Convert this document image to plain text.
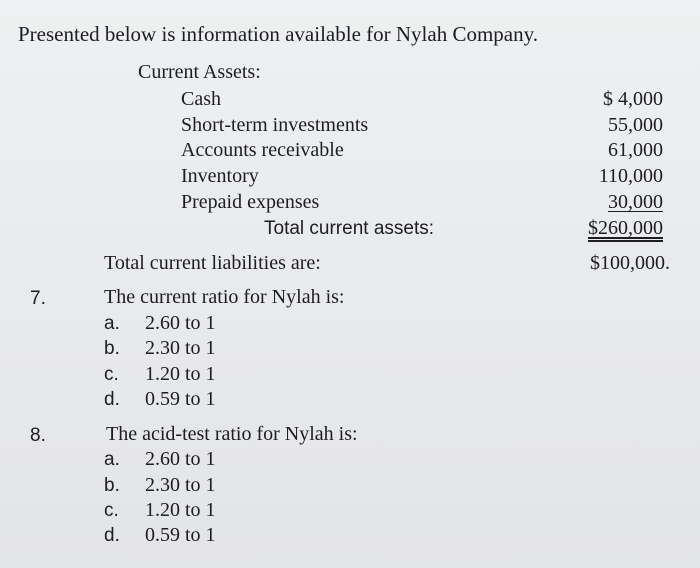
Presented below is information available for Nylah Company.
Current Assets:
Cash	$ 4,000
Short-term investments	55,000
Accounts receivable	61,000
Inventory	110,000
Prepaid expenses	30,000
Total current assets:	$260,000
Total current liabilities are:	$100,000.
7.	The current ratio for Nylah is:
a. 2.60 to 1
b. 2.30 to 1
c. 1.20 to 1
d. 0.59 to 1
8.	The acid-test ratio for Nylah is:
a. 2.60 to 1
b. 2.30 to 1
c. 1.20 to 1
d. 0.59 to 1
